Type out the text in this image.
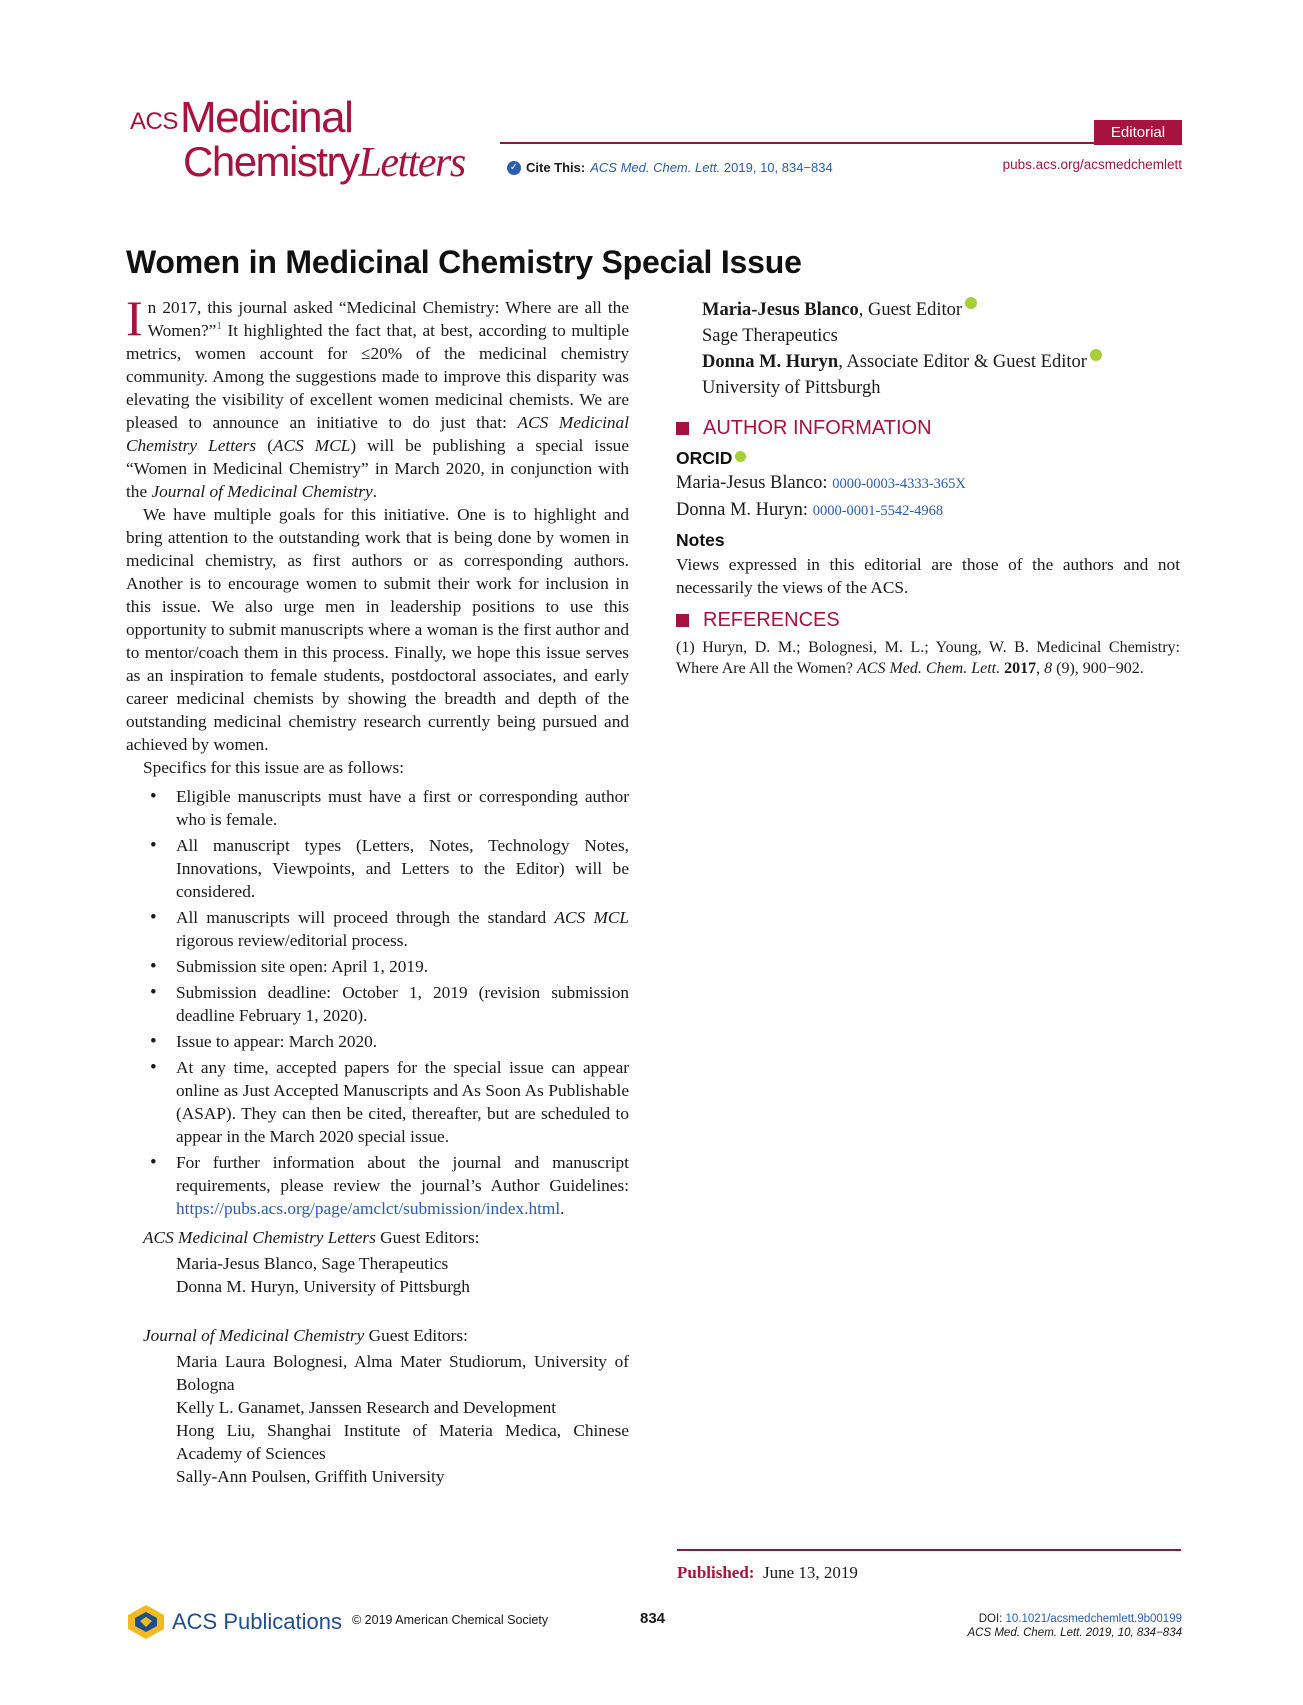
ACS Medicinal
ChemistryLetters
Editorial
✓ Cite This: ACS Med. Chem. Lett. 2019, 10, 834−834	pubs.acs.org/acsmedchemlett
Women in Medicinal Chemistry Special Issue

In 2017, this journal asked “Medicinal Chemistry: Where are all the Women?”$^1$ It highlighted the fact that, at best, according to multiple metrics, women account for ≤20% of the medicinal chemistry community. Among the suggestions made to improve this disparity was elevating the visibility of excellent women medicinal chemists. We are pleased to announce an initiative to do just that: ACS Medicinal Chemistry Letters (ACS MCL) will be publishing a special issue “Women in Medicinal Chemistry” in March 2020, in conjunction with the Journal of Medicinal Chemistry.

We have multiple goals for this initiative. One is to highlight and bring attention to the outstanding work that is being done by women in medicinal chemistry, as first authors or as corresponding authors. Another is to encourage women to submit their work for inclusion in this issue. We also urge men in leadership positions to use this opportunity to submit manuscripts where a woman is the first author and to mentor/coach them in this process. Finally, we hope this issue serves as an inspiration to female students, postdoctoral associates, and early career medicinal chemists by showing the breadth and depth of the outstanding medicinal chemistry research currently being pursued and achieved by women.

Specifics for this issue are as follows:

• Eligible manuscripts must have a first or corresponding author who is female.
• All manuscript types (Letters, Notes, Technology Notes, Innovations, Viewpoints, and Letters to the Editor) will be considered.
• All manuscripts will proceed through the standard ACS MCL rigorous review/editorial process.
• Submission site open: April 1, 2019.
• Submission deadline: October 1, 2019 (revision submission deadline February 1, 2020).
• Issue to appear: March 2020.
• At any time, accepted papers for the special issue can appear online as Just Accepted Manuscripts and As Soon As Publishable (ASAP). They can then be cited, thereafter, but are scheduled to appear in the March 2020 special issue.
• For further information about the journal and manuscript requirements, please review the journal’s Author Guidelines: https://pubs.acs.org/page/amclct/submission/index.html.

ACS Medicinal Chemistry Letters Guest Editors:

Maria-Jesus Blanco, Sage Therapeutics

Donna M. Huryn, University of Pittsburgh

Journal of Medicinal Chemistry Guest Editors:

Maria Laura Bolognesi, Alma Mater Studiorum, University of Bologna

Kelly L. Ganamet, Janssen Research and Development

Hong Liu, Shanghai Institute of Materia Medica, Chinese Academy of Sciences

Sally-Ann Poulsen, Griffith University

Maria-Jesus Blanco, Guest Editor
Sage Therapeutics
Donna M. Huryn, Associate Editor & Guest Editor
University of Pittsburgh
AUTHOR INFORMATION
ORCID
Maria-Jesus Blanco: 0000-0003-4333-365X
Donna M. Huryn: 0000-0001-5542-4968
Notes
Views expressed in this editorial are those of the authors and not necessarily the views of the ACS.
REFERENCES
(1) Huryn, D. M.; Bolognesi, M. L.; Young, W. B. Medicinal Chemistry: Where Are All the Women? ACS Med. Chem. Lett. 2017, 8 (9), 900−902.
Published: June 13, 2019
ACS Publications © 2019 American Chemical Society	834	DOI: 10.1021/acsmedchemlett.9b00199
ACS Med. Chem. Lett. 2019, 10, 834−834
